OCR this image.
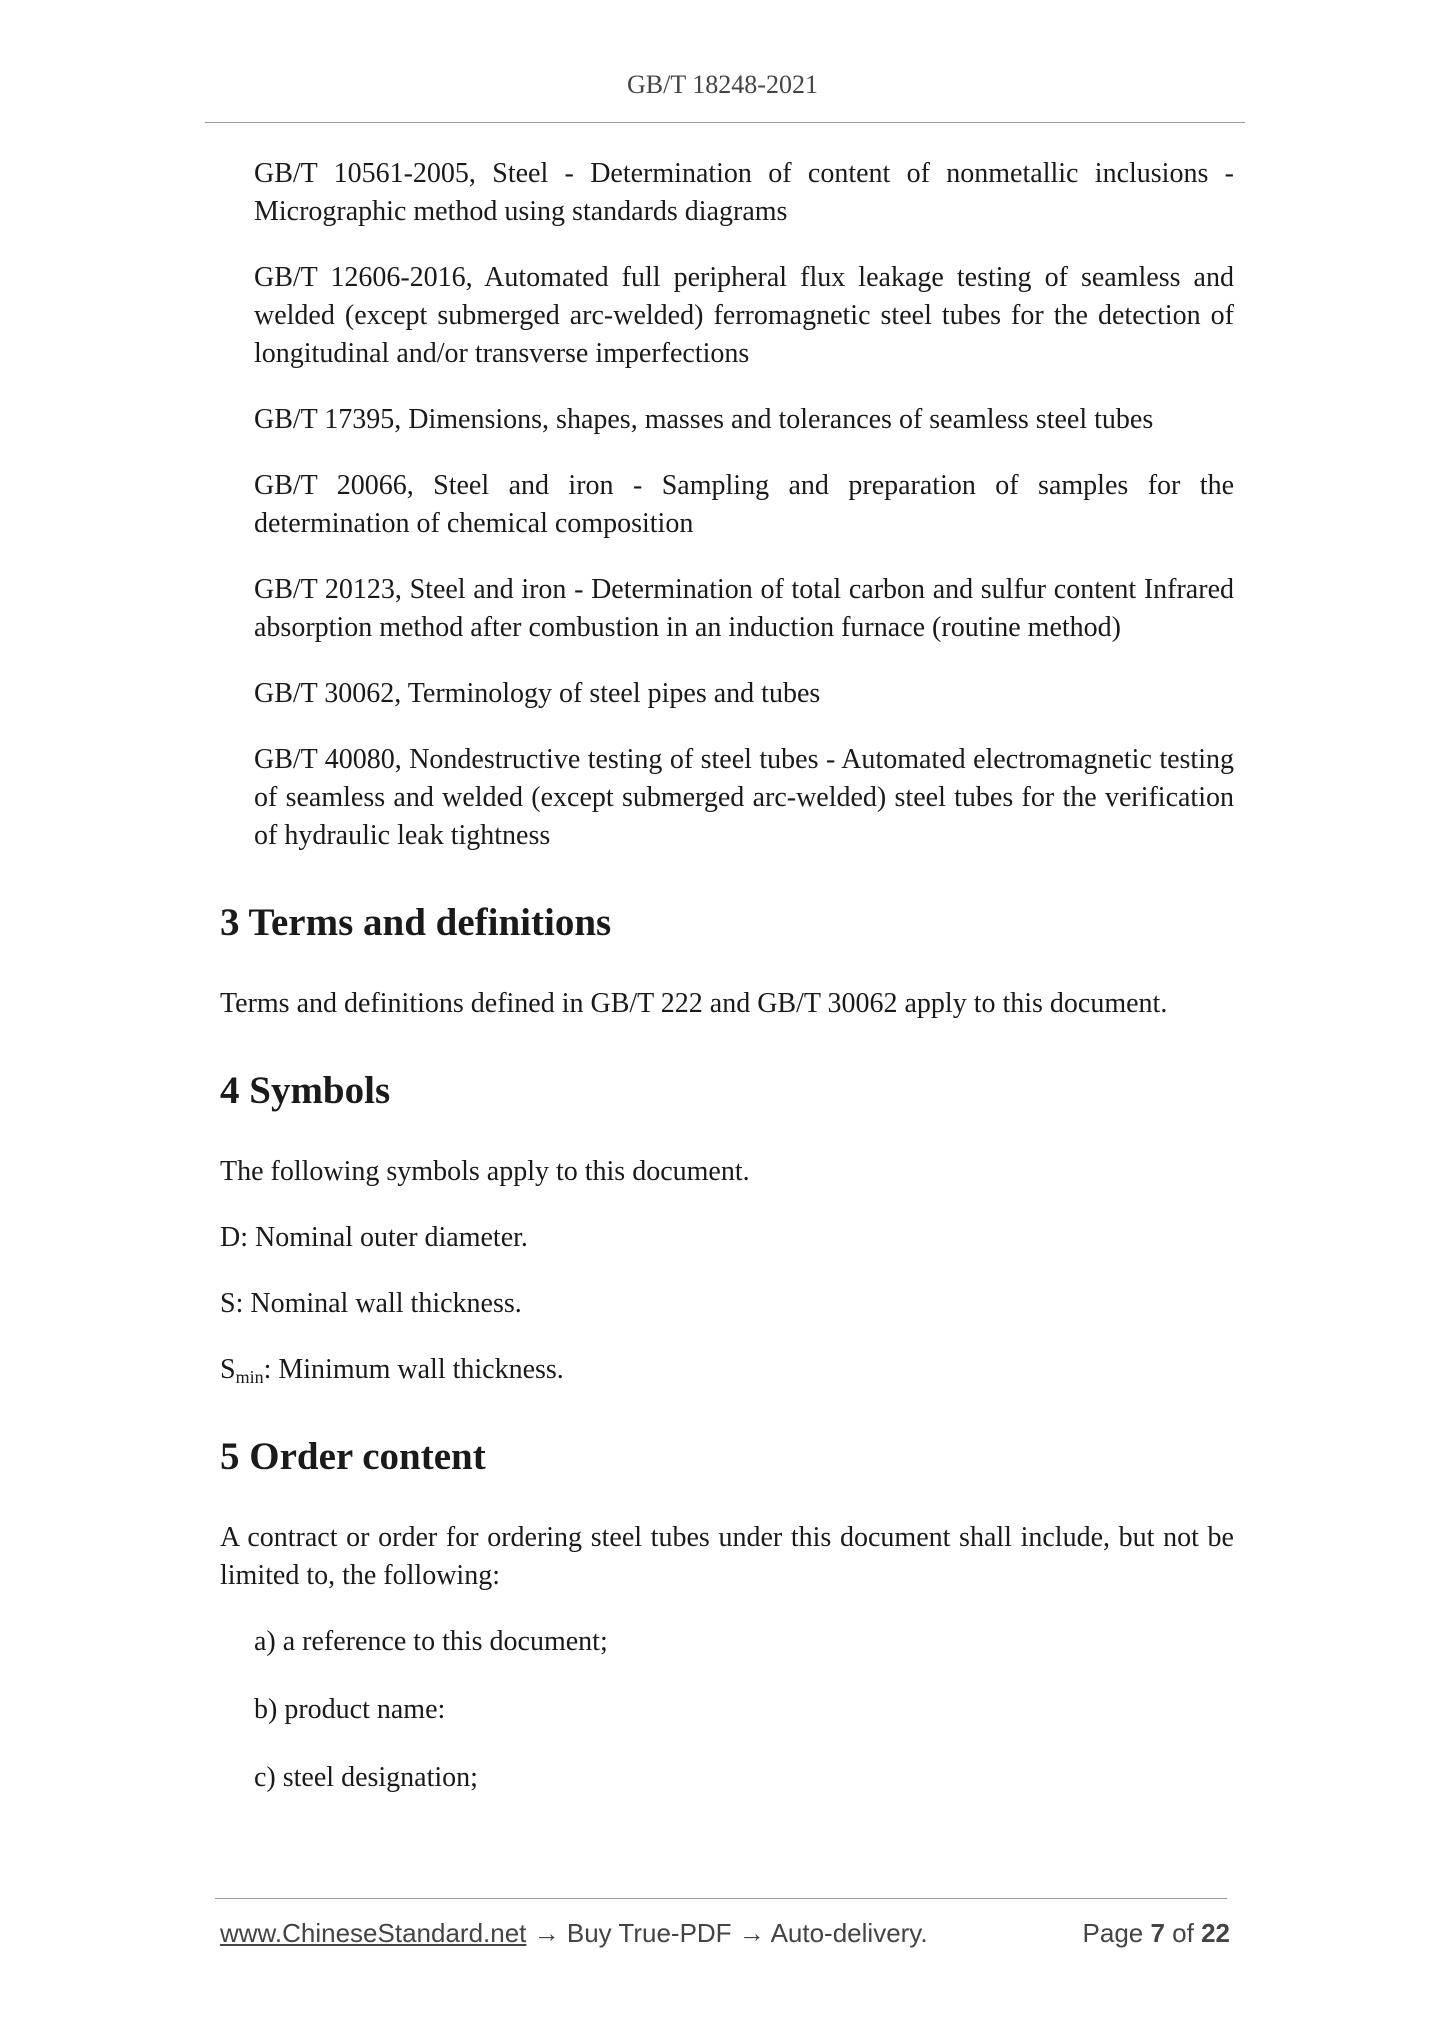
GB/T 18248-2021

GB/T 10561-2005, Steel - Determination of content of nonmetallic inclusions - Micrographic method using standards diagrams

GB/T 12606-2016, Automated full peripheral flux leakage testing of seamless and welded (except submerged arc-welded) ferromagnetic steel tubes for the detection of longitudinal and/or transverse imperfections

GB/T 17395, Dimensions, shapes, masses and tolerances of seamless steel tubes

GB/T 20066, Steel and iron - Sampling and preparation of samples for the determination of chemical composition

GB/T 20123, Steel and iron - Determination of total carbon and sulfur content Infrared absorption method after combustion in an induction furnace (routine method)

GB/T 30062, Terminology of steel pipes and tubes

GB/T 40080, Nondestructive testing of steel tubes - Automated electromagnetic testing of seamless and welded (except submerged arc-welded) steel tubes for the verification of hydraulic leak tightness

3 Terms and definitions

Terms and definitions defined in GB/T 222 and GB/T 30062 apply to this document.

4 Symbols

The following symbols apply to this document.

D: Nominal outer diameter.

S: Nominal wall thickness.

$S_{min}$: Minimum wall thickness.

5 Order content

A contract or order for ordering steel tubes under this document shall include, but not be limited to, the following:

a) a reference to this document;

b) product name:

c) steel designation;

www.ChineseStandard.net → Buy True-PDF → Auto-delivery.	Page 7 of 22
